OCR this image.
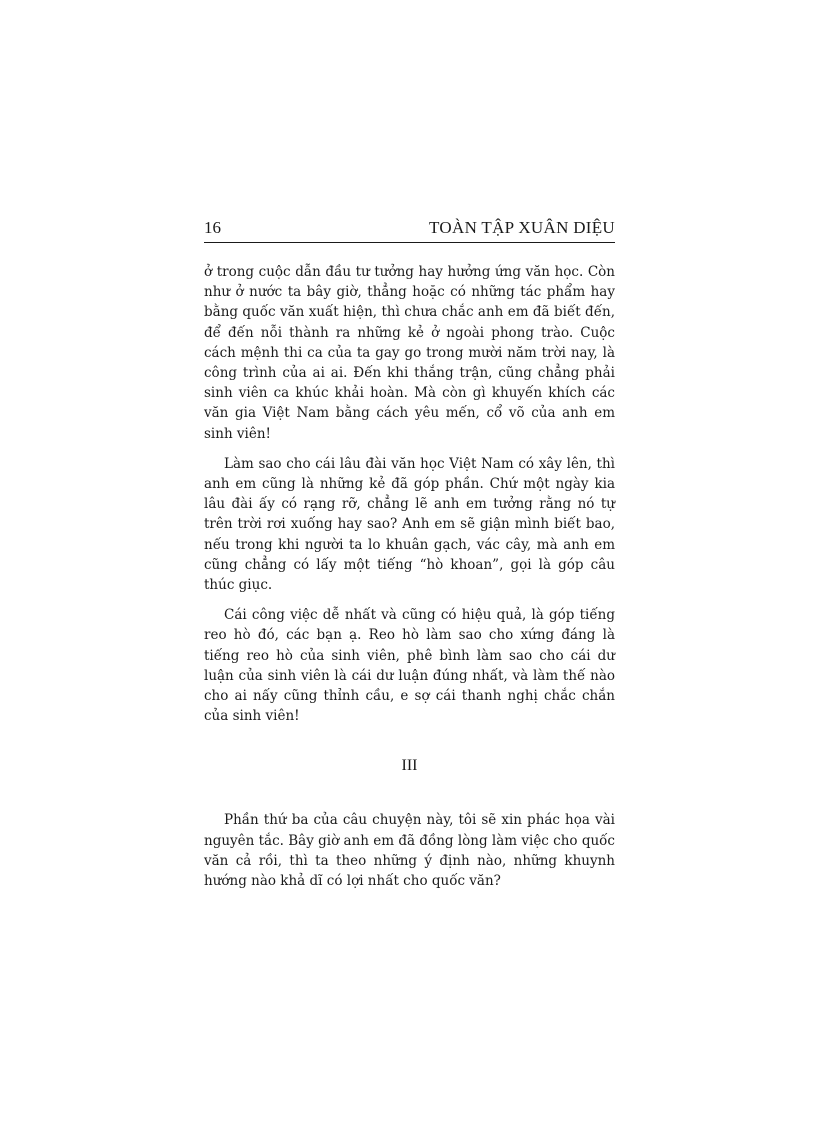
16	TOÀN TẬP XUÂN DIỆU

ở trong cuộc dẫn đầu tư tưởng hay hưởng ứng văn học. Còn như ở nước ta bây giờ, thẳng hoặc có những tác phẩm hay bằng quốc văn xuất hiện, thì chưa chắc anh em đã biết đến, để đến nỗi thành ra những kẻ ở ngoài phong trào. Cuộc cách mệnh thi ca của ta gay go trong mười năm trời nay, là công trình của ai ai. Đến khi thắng trận, cũng chẳng phải sinh viên ca khúc khải hoàn. Mà còn gì khuyến khích các văn gia Việt Nam bằng cách yêu mến, cổ võ của anh em sinh viên!

Làm sao cho cái lâu đài văn học Việt Nam có xây lên, thì anh em cũng là những kẻ đã góp phần. Chứ một ngày kia lâu đài ấy có rạng rỡ, chẳng lẽ anh em tưởng rằng nó tự trên trời rơi xuống hay sao? Anh em sẽ giận mình biết bao, nếu trong khi người ta lo khuân gạch, vác cây, mà anh em cũng chẳng có lấy một tiếng “hò khoan”, gọi là góp câu thúc giục.

Cái công việc dễ nhất và cũng có hiệu quả, là góp tiếng reo hò đó, các bạn ạ. Reo hò làm sao cho xứng đáng là tiếng reo hò của sinh viên, phê bình làm sao cho cái dư luận của sinh viên là cái dư luận đúng nhất, và làm thế nào cho ai nấy cũng thỉnh cầu, e sợ cái thanh nghị chắc chắn của sinh viên!

III

Phần thứ ba của câu chuyện này, tôi sẽ xin phác họa vài nguyên tắc. Bây giờ anh em đã đồng lòng làm việc cho quốc văn cả rồi, thì ta theo những ý định nào, những khuynh hướng nào khả dĩ có lợi nhất cho quốc văn?
